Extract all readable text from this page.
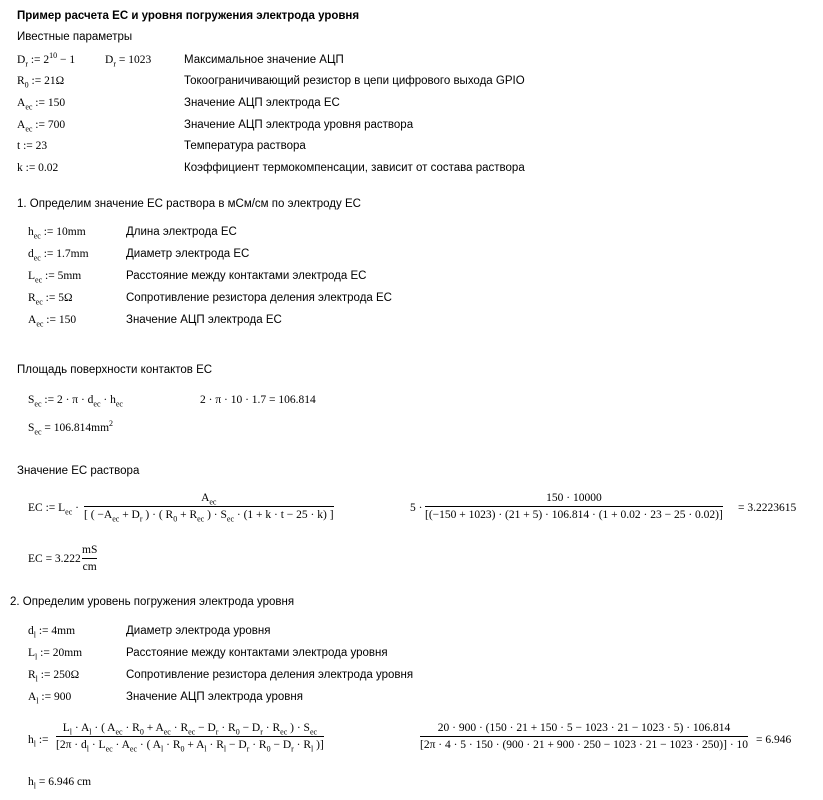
Пример расчета EC и уровня погружения электрода уровня
Ивестные параметры
$D_r$ := $2^{10} - 1$	$D_r = 1023$	Максимальное значение АЦП
$R_0$ := 21Ω	Токоограничивающий резистор в цепи цифрового выхода GPIO
$A_{ec}$ := 150	Значение АЦП электрода EC
$A_{ec}$ := 700	Значение АЦП электрода уровня раствора
t := 23	Температура раствора
k := 0.02	Коэффициент термокомпенсации, зависит от состава раствора
1. Определим значение EC раствора в мСм/см по электроду EC
$h_{ec}$ := 10mm	Длина электрода EC
$d_{ec}$ := 1.7mm	Диаметр электрода EC
$L_{ec}$ := 5mm	Расстояние между контактами электрода EC
$R_{ec}$ := 5Ω	Сопротивление резистора деления электрода EC
$A_{ec}$ := 150	Значение АЦП электрода EC
Площадь поверхности контактов EC
$S_{ec}$ := $2 \cdot \pi \cdot d_{ec} \cdot h_{ec}$	2 · π · 10 · 1.7 = 106.814
$S_{ec} = 106.814mm^2$
Значение EC раствора
EC := $L_{ec}$ ·
$A_{ec}$
[ ( $-A_{ec} + D_r$ ) · ( $R_0 + R_{ec}$ ) · $S_{ec} \cdot (1 + k \cdot t - 25 \cdot k)$ ]
5 ·
150 · 10000
[(−150 + 1023) · (21 + 5) · 106.814 · (1 + 0.02 · 23 − 25 · 0.02)]
= 3.2223615
EC = 3.222
mS
cm
2. Определим уровень погружения электрода уровня
$d_l$ := 4mm	Диаметр электрода уровня
$L_l$ := 20mm	Расстояние между контактами электрода уровня
$R_l$ := 250Ω	Сопротивление резистора деления электрода уровня
$A_l$ := 900	Значение АЦП электрода уровня
$h_l$ :=
$L_l \cdot A_l$ · ( $A_{ec} \cdot R_0 + A_{ec} \cdot R_{ec} - D_r \cdot R_0 - D_r \cdot R_{ec}$ ) · $S_{ec}$
[$2\pi \cdot d_l \cdot L_{ec} \cdot A_{ec}$ · ( $A_l \cdot R_0 + A_l \cdot R_l - D_r \cdot R_0 - D_r \cdot R_l$ )]
20 · 900 · (150 · 21 + 150 · 5 − 1023 · 21 − 1023 · 5) · 106.814
[2π · 4 · 5 · 150 · (900 · 21 + 900 · 250 − 1023 · 21 − 1023 · 250)] · 10 = 6.946
$h_l = 6.946$ cm
